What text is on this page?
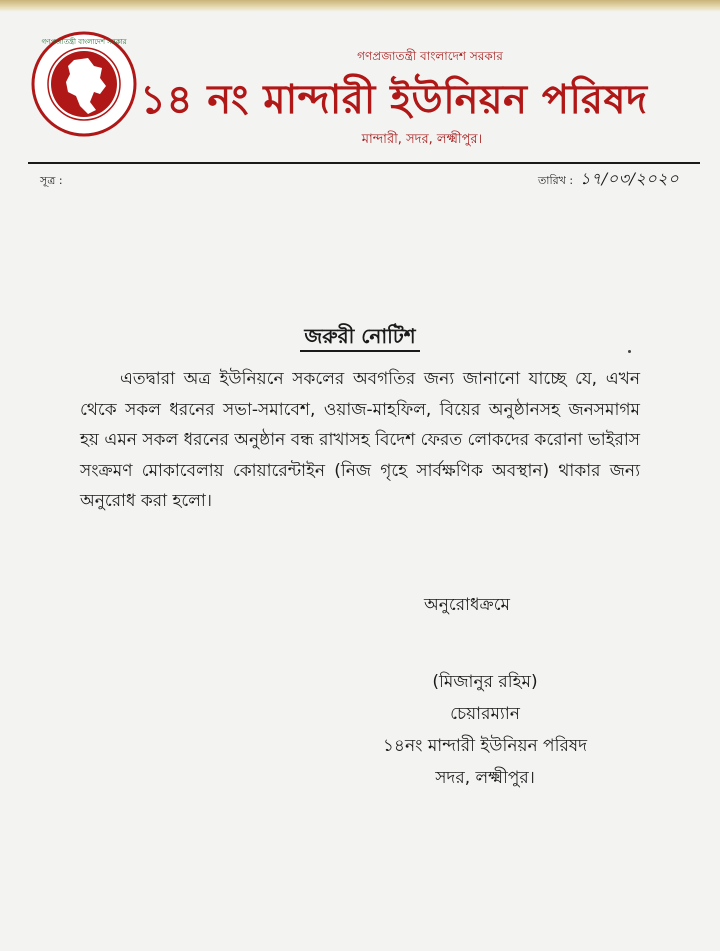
গণপ্রজাতন্ত্রী বাংলাদেশ সরকার
গণপ্রজাতন্ত্রী বাংলাদেশ সরকার
১৪ নং মান্দারী ইউনিয়ন পরিষদ
মান্দারী, সদর, লক্ষ্মীপুর।
সূত্র :	তারিখ : ১৭/০৩/২০২০
জরুরী নোটিশ

এতদ্বারা অত্র ইউনিয়নে সকলের অবগতির জন্য জানানো যাচ্ছে যে, এখন থেকে সকল ধরনের সভা-সমাবেশ, ওয়াজ-মাহফিল, বিয়ের অনুষ্ঠানসহ জনসমাগম হয় এমন সকল ধরনের অনুষ্ঠান বন্ধ রাখাসহ বিদেশ ফেরত লোকদের করোনা ভাইরাস সংক্রমণ মোকাবেলায় কোয়ারেন্টাইন (নিজ গৃহে সার্বক্ষণিক অবস্থান) থাকার জন্য অনুরোধ করা হলো।

অনুরোধক্রমে
(মিজানুর রহিম)
চেয়ারম্যান
১৪নং মান্দারী ইউনিয়ন পরিষদ
সদর, লক্ষ্মীপুর।
